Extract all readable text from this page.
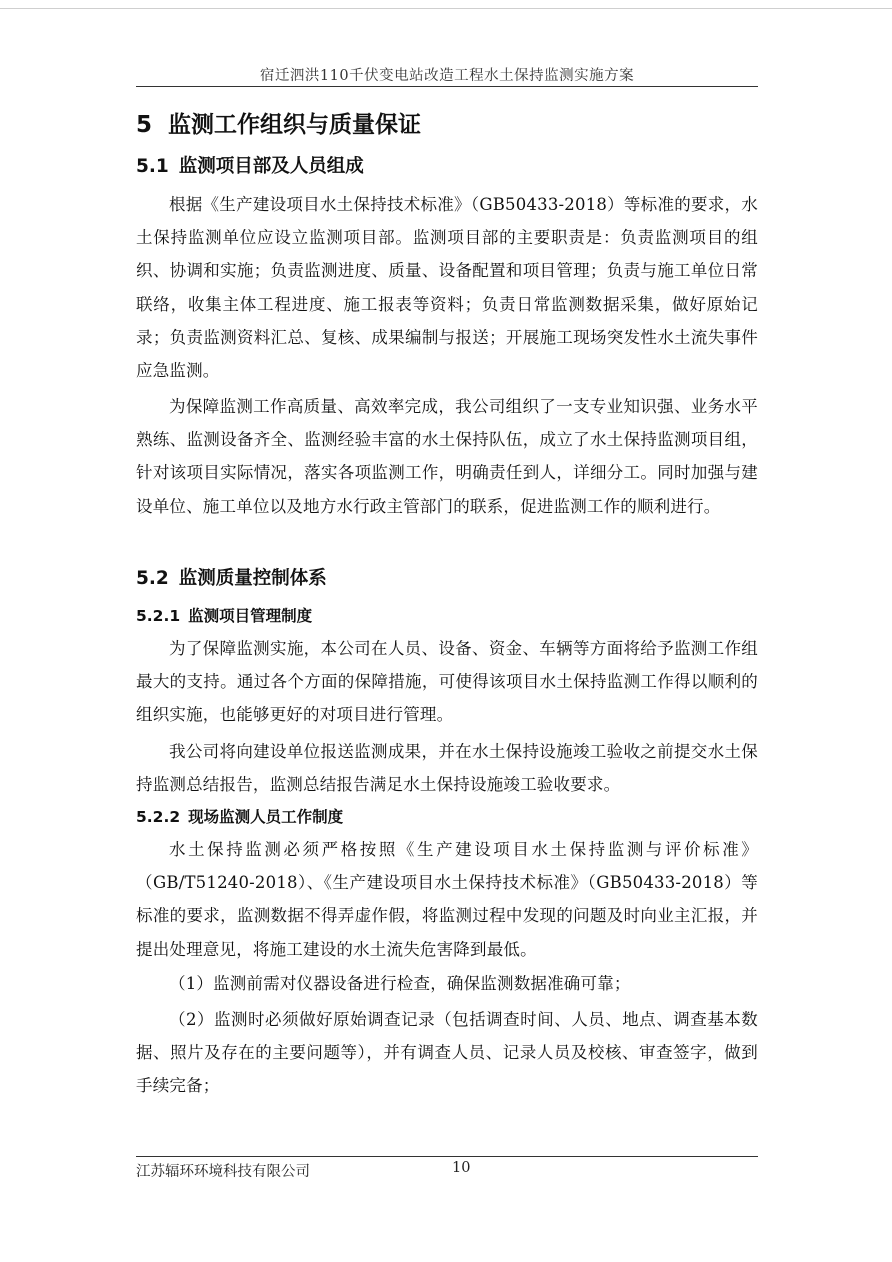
宿迁泗洪110千伏变电站改造工程水土保持监测实施方案
5 监测工作组织与质量保证
5.1 监测项目部及人员组成

根据《生产建设项目水土保持技术标准》（GB50433-2018）等标准的要求，水土保持监测单位应设立监测项目部。监测项目部的主要职责是：负责监测项目的组织、协调和实施；负责监测进度、质量、设备配置和项目管理；负责与施工单位日常联络，收集主体工程进度、施工报表等资料；负责日常监测数据采集，做好原始记录；负责监测资料汇总、复核、成果编制与报送；开展施工现场突发性水土流失事件应急监测。

为保障监测工作高质量、高效率完成，我公司组织了一支专业知识强、业务水平熟练、监测设备齐全、监测经验丰富的水土保持队伍，成立了水土保持监测项目组，针对该项目实际情况，落实各项监测工作，明确责任到人，详细分工。同时加强与建设单位、施工单位以及地方水行政主管部门的联系，促进监测工作的顺利进行。

5.2 监测质量控制体系
5.2.1 监测项目管理制度

为了保障监测实施，本公司在人员、设备、资金、车辆等方面将给予监测工作组最大的支持。通过各个方面的保障措施，可使得该项目水土保持监测工作得以顺利的组织实施，也能够更好的对项目进行管理。

我公司将向建设单位报送监测成果，并在水土保持设施竣工验收之前提交水土保持监测总结报告，监测总结报告满足水土保持设施竣工验收要求。

5.2.2 现场监测人员工作制度

水土保持监测必须严格按照《生产建设项目水土保持监测与评价标准》（GB/T51240-2018）、《生产建设项目水土保持技术标准》（GB50433-2018）等标准的要求，监测数据不得弄虚作假，将监测过程中发现的问题及时向业主汇报，并提出处理意见，将施工建设的水土流失危害降到最低。

（1）监测前需对仪器设备进行检查，确保监测数据准确可靠；

（2）监测时必须做好原始调查记录（包括调查时间、人员、地点、调查基本数据、照片及存在的主要问题等），并有调查人员、记录人员及校核、审查签字，做到手续完备；

江苏辐环环境科技有限公司	10
